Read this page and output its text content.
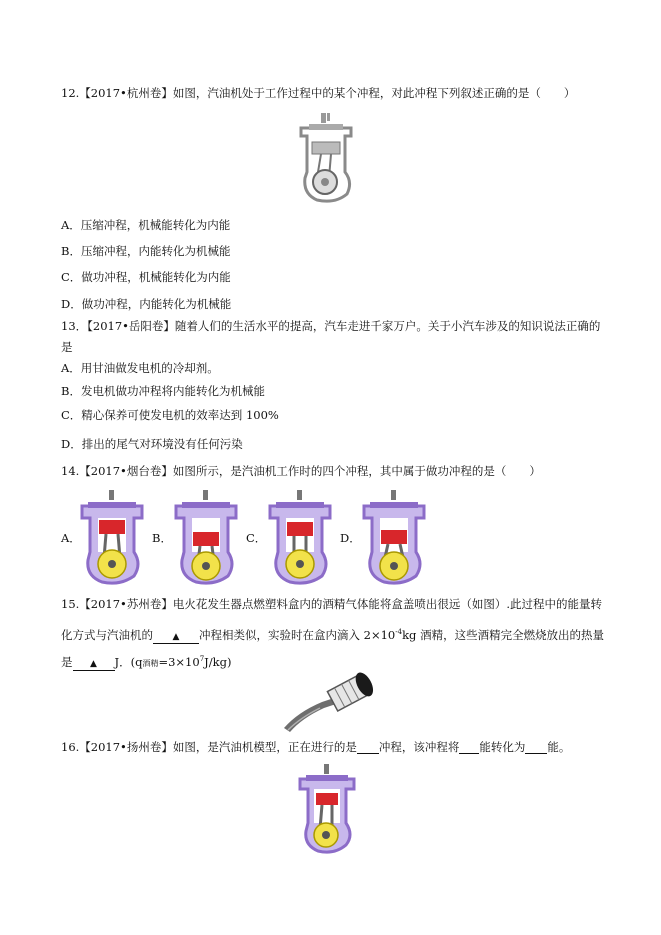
12.【2017•杭州卷】如图，汽油机处于工作过程中的某个冲程，对此冲程下列叙述正确的是（　　）
A．压缩冲程，机械能转化为内能
B．压缩冲程，内能转化为机械能
C．做功冲程，机械能转化为内能
D．做功冲程，内能转化为机械能
13．【2017•岳阳卷】随着人们的生活水平的提高，汽车走进千家万户。关于小汽车涉及的知识说法正确的
是
A．用甘油做发电机的冷却剂。
B．发电机做功冲程将内能转化为机械能
C．精心保养可使发电机的效率达到 100%
D．排出的尾气对环境没有任何污染
14.【2017•烟台卷】如图所示，是汽油机工作时的四个冲程，其中属于做功冲程的是（　　）
A．	B．	C．	D．
15.【2017•苏州卷】电火花发生器点燃塑料盒内的酒精气体能将盒盖喷出很远（如图）.此过程中的能量转
化方式与汽油机的 ▲ 冲程相类似，实验时在盒内滴入 $2\times 10^{-4}kg$ 酒精，这些酒精完全燃烧放出的热量
是 ▲ J．(q酒精$=3\times 10^7J/kg$)
16.【2017•扬州卷】如图，是汽油机模型，正在进行的是 冲程，该冲程将 能转化为 能。
